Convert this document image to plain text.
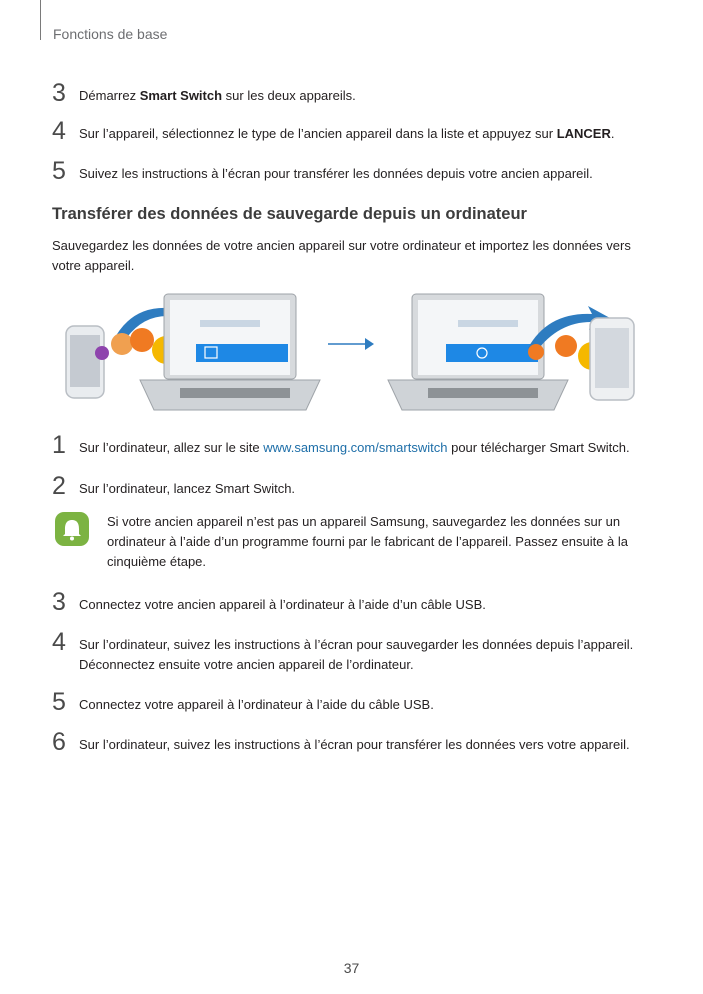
Fonctions de base
3	Démarrez Smart Switch sur les deux appareils.
4	Sur l’appareil, sélectionnez le type de l’ancien appareil dans la liste et appuyez sur LANCER.
5	Suivez les instructions à l’écran pour transférer les données depuis votre ancien appareil.
Transférer des données de sauvegarde depuis un ordinateur
Sauvegardez les données de votre ancien appareil sur votre ordinateur et importez les données vers votre appareil.
1	Sur l’ordinateur, allez sur le site www.samsung.com/smartswitch pour télécharger Smart Switch.
2	Sur l’ordinateur, lancez Smart Switch.
Si votre ancien appareil n’est pas un appareil Samsung, sauvegardez les données sur un ordinateur à l’aide d’un programme fourni par le fabricant de l’appareil. Passez ensuite à la cinquième étape.
3	Connectez votre ancien appareil à l’ordinateur à l’aide d’un câble USB.
4	Sur l’ordinateur, suivez les instructions à l’écran pour sauvegarder les données depuis l’appareil.
Déconnectez ensuite votre ancien appareil de l’ordinateur.
5	Connectez votre appareil à l’ordinateur à l’aide du câble USB.
6	Sur l’ordinateur, suivez les instructions à l’écran pour transférer les données vers votre appareil.
37
